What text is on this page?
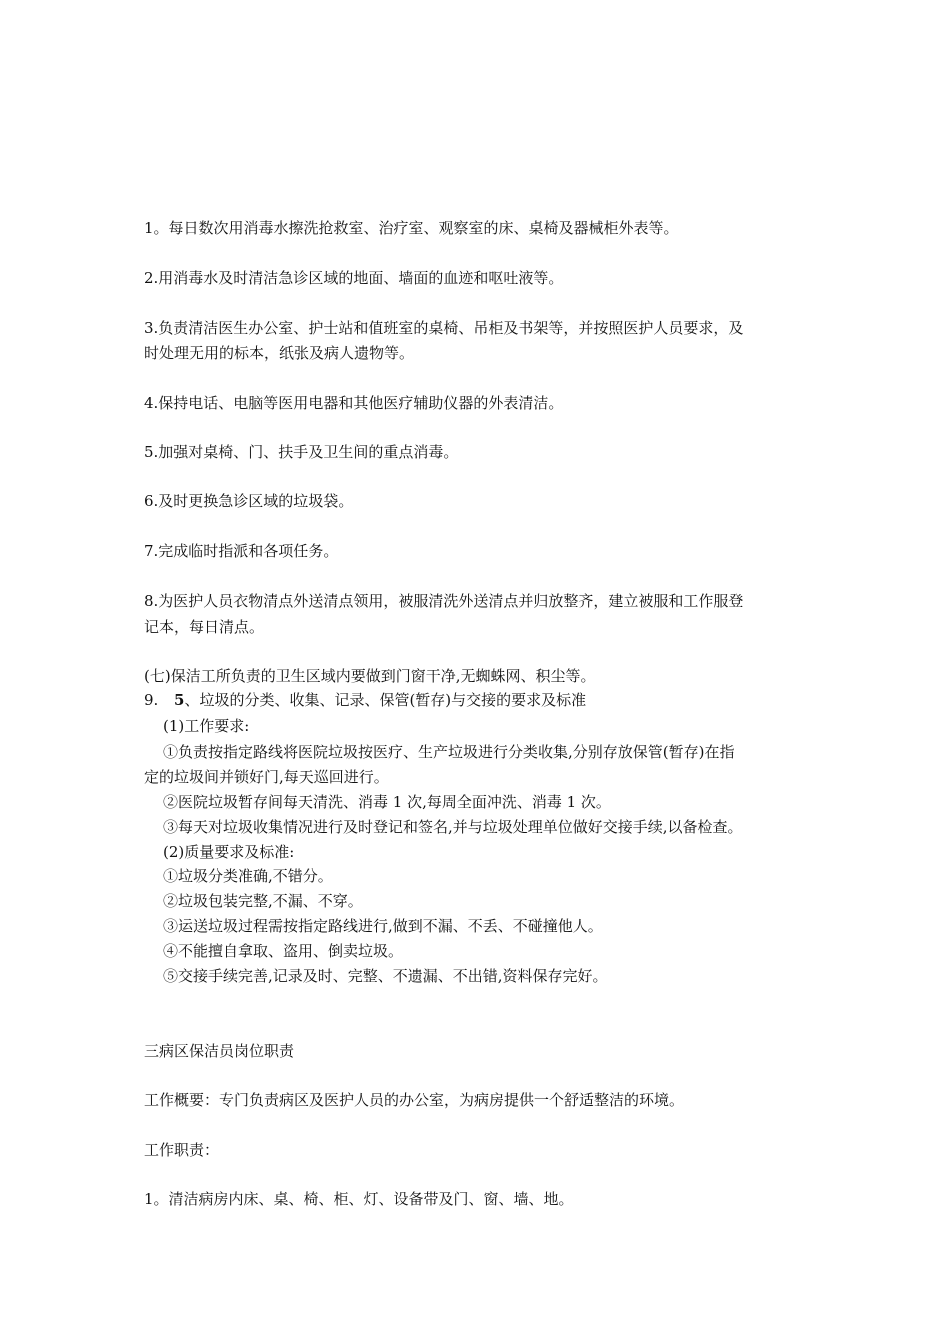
1。每日数次用消毒水擦洗抢救室、治疗室、观察室的床、桌椅及器械柜外表等。
2.用消毒水及时清洁急诊区域的地面、墙面的血迹和呕吐液等。
3.负责清洁医生办公室、护士站和值班室的桌椅、吊柜及书架等，并按照医护人员要求，及
时处理无用的标本，纸张及病人遗物等。
4.保持电话、电脑等医用电器和其他医疗辅助仪器的外表清洁。
5.加强对桌椅、门、扶手及卫生间的重点消毒。
6.及时更换急诊区域的垃圾袋。
7.完成临时指派和各项任务。
8.为医护人员衣物清点外送清点领用，被服清洗外送清点并归放整齐，建立被服和工作服登
记本，每日清点。
(七)保洁工所负责的卫生区域内要做到门窗干净,无蜘蛛网、积尘等。
9. 5、垃圾的分类、收集、记录、保管(暂存)与交接的要求及标准
(1)工作要求:
①负责按指定路线将医院垃圾按医疗、生产垃圾进行分类收集,分别存放保管(暂存)在指
定的垃圾间并锁好门,每天巡回进行。
②医院垃圾暂存间每天清洗、消毒 1 次,每周全面冲洗、消毒 1 次。
③每天对垃圾收集情况进行及时登记和签名,并与垃圾处理单位做好交接手续,以备检查。
(2)质量要求及标准:
①垃圾分类准确,不错分。
②垃圾包装完整,不漏、不穿。
③运送垃圾过程需按指定路线进行,做到不漏、不丢、不碰撞他人。
④不能擅自拿取、盗用、倒卖垃圾。
⑤交接手续完善,记录及时、完整、不遗漏、不出错,资料保存完好。
三病区保洁员岗位职责
工作概要：专门负责病区及医护人员的办公室，为病房提供一个舒适整洁的环境。
工作职责：
1。清洁病房内床、桌、椅、柜、灯、设备带及门、窗、墙、地。
